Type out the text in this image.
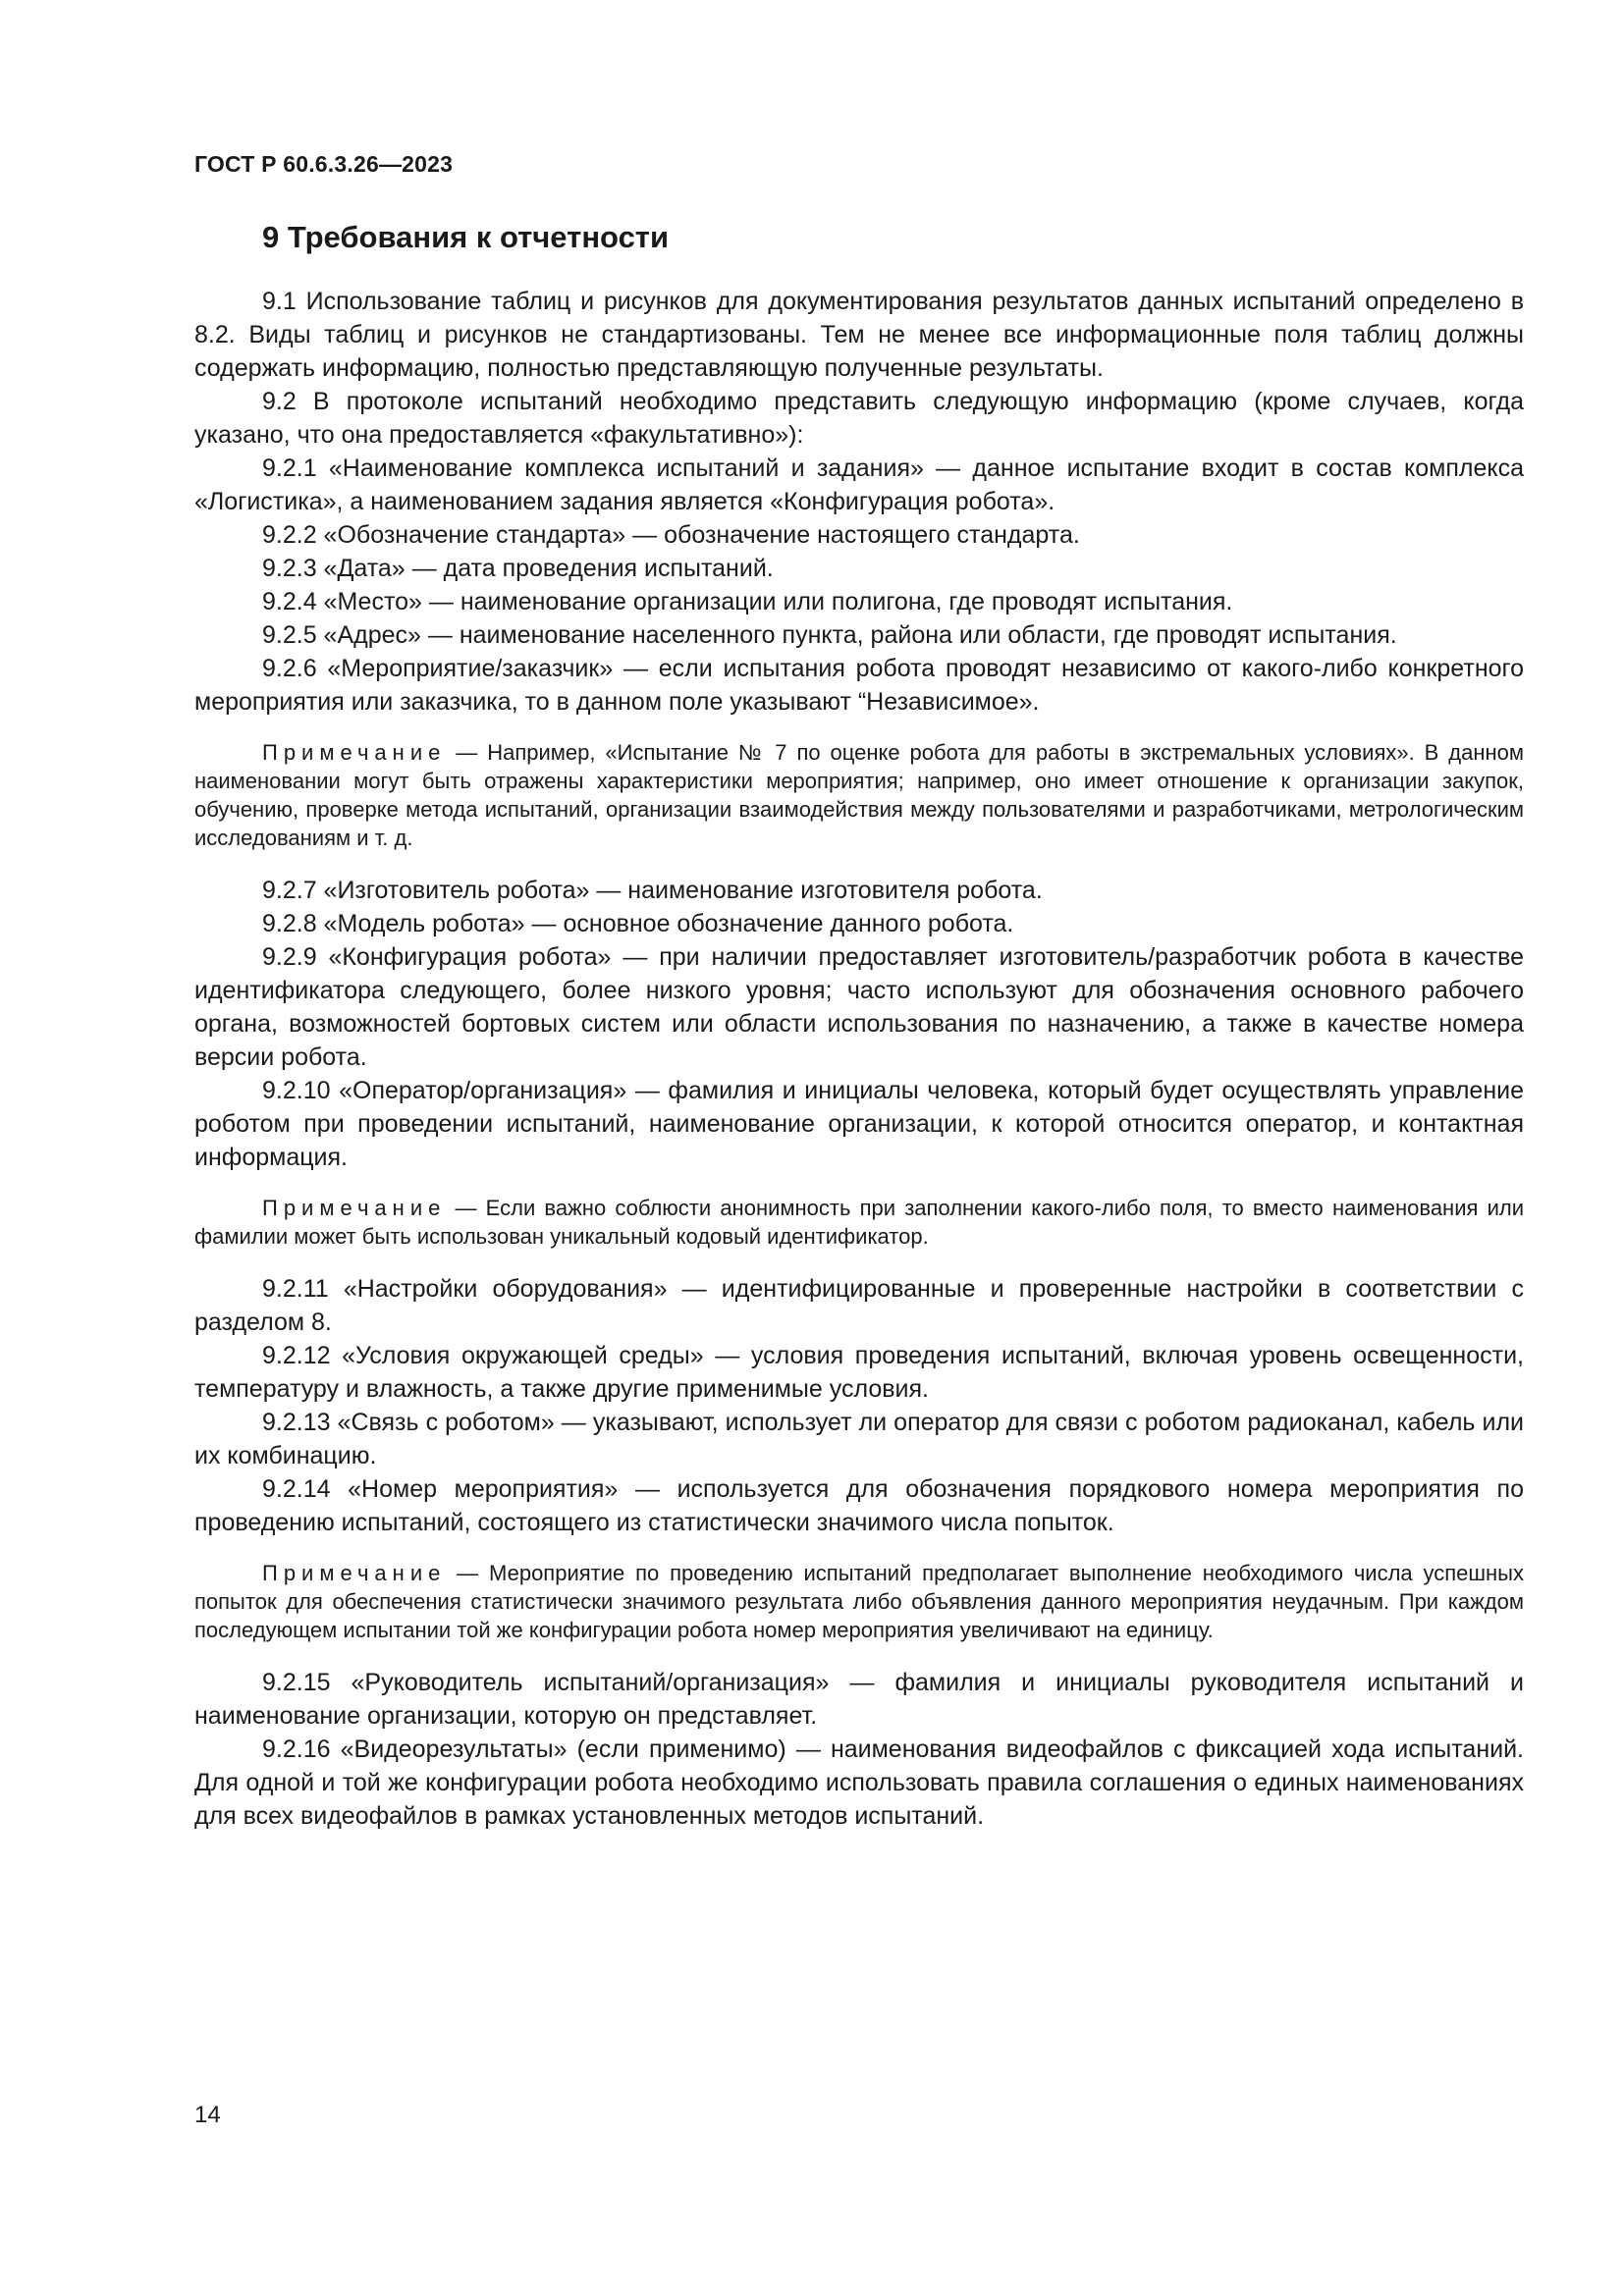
ГОСТ Р 60.6.3.26—2023
9 Требования к отчетности

9.1 Использование таблиц и рисунков для документирования результатов данных испытаний определено в 8.2. Виды таблиц и рисунков не стандартизованы. Тем не менее все информационные поля таблиц должны содержать информацию, полностью представляющую полученные результаты.

9.2 В протоколе испытаний необходимо представить следующую информацию (кроме случаев, когда указано, что она предоставляется «факультативно»):

9.2.1 «Наименование комплекса испытаний и задания» — данное испытание входит в состав комплекса «Логистика», а наименованием задания является «Конфигурация робота».

9.2.2 «Обозначение стандарта» — обозначение настоящего стандарта.

9.2.3 «Дата» — дата проведения испытаний.

9.2.4 «Место» — наименование организации или полигона, где проводят испытания.

9.2.5 «Адрес» — наименование населенного пункта, района или области, где проводят испытания.

9.2.6 «Мероприятие/заказчик» — если испытания робота проводят независимо от какого-либо конкретного мероприятия или заказчика, то в данном поле указывают “Независимое».

Примечание — Например, «Испытание № 7 по оценке робота для работы в экстремальных условиях». В данном наименовании могут быть отражены характеристики мероприятия; например, оно имеет отношение к организации закупок, обучению, проверке метода испытаний, организации взаимодействия между пользователями и разработчиками, метрологическим исследованиям и т. д.

9.2.7 «Изготовитель робота» — наименование изготовителя робота.

9.2.8 «Модель робота» — основное обозначение данного робота.

9.2.9 «Конфигурация робота» — при наличии предоставляет изготовитель/разработчик робота в качестве идентификатора следующего, более низкого уровня; часто используют для обозначения основного рабочего органа, возможностей бортовых систем или области использования по назначению, а также в качестве номера версии робота.

9.2.10 «Оператор/организация» — фамилия и инициалы человека, который будет осуществлять управление роботом при проведении испытаний, наименование организации, к которой относится оператор, и контактная информация.

Примечание — Если важно соблюсти анонимность при заполнении какого-либо поля, то вместо наименования или фамилии может быть использован уникальный кодовый идентификатор.

9.2.11 «Настройки оборудования» — идентифицированные и проверенные настройки в соответствии с разделом 8.

9.2.12 «Условия окружающей среды» — условия проведения испытаний, включая уровень освещенности, температуру и влажность, а также другие применимые условия.

9.2.13 «Связь с роботом» — указывают, использует ли оператор для связи с роботом радиоканал, кабель или их комбинацию.

9.2.14 «Номер мероприятия» — используется для обозначения порядкового номера мероприятия по проведению испытаний, состоящего из статистически значимого числа попыток.

Примечание — Мероприятие по проведению испытаний предполагает выполнение необходимого числа успешных попыток для обеспечения статистически значимого результата либо объявления данного мероприятия неудачным. При каждом последующем испытании той же конфигурации робота номер мероприятия увеличивают на единицу.

9.2.15 «Руководитель испытаний/организация» — фамилия и инициалы руководителя испытаний и наименование организации, которую он представляет.

9.2.16 «Видеорезультаты» (если применимо) — наименования видеофайлов с фиксацией хода испытаний. Для одной и той же конфигурации робота необходимо использовать правила соглашения о единых наименованиях для всех видеофайлов в рамках установленных методов испытаний.

14
